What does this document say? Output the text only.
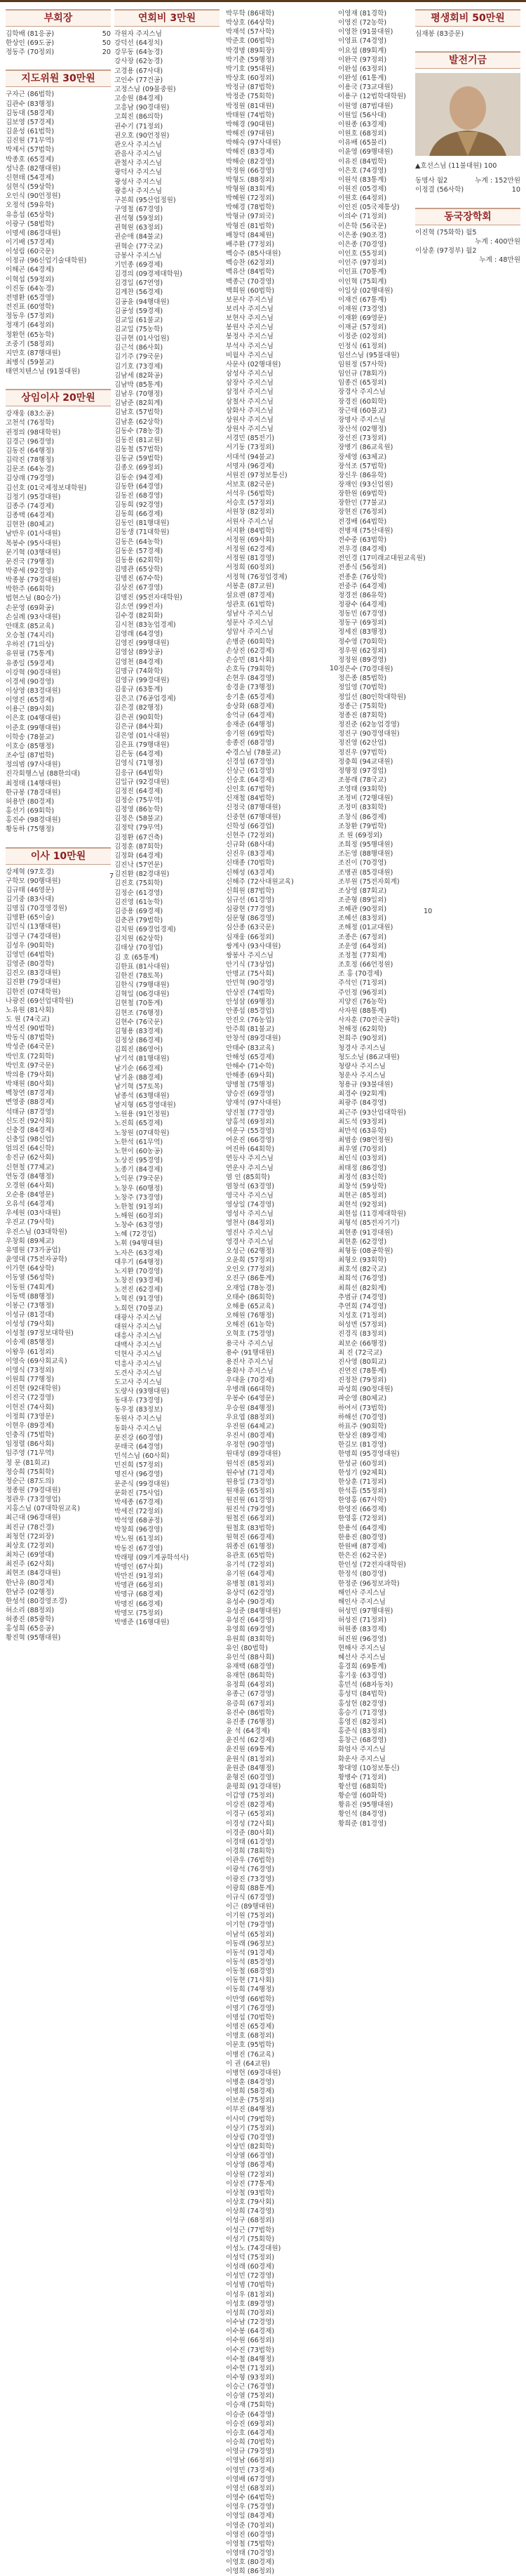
부회장
김학배 (81응공)	50
한상인 (69도공)	50
정동주 (70정외)	20
지도위원 30만원
구자근 (86법학)
김관수 (83행정)
김동대 (58경제)
김보영 (57경제)
김윤성 (61법학)
김진원 (71무역)
박제서 (57법학)
박종호 (65경제)
성낙훈 (82행대원)
신현태 (54경제)
심현식 (59상학)
오인식 (90언정원)
오정석 (59유학)
유흥섭 (65상학)
이광구 (58법학)
이명세 (86경대원)
이기배 (57경제)
이성림 (60국문)
이정규 (96신업기술대학원)
이해곤 (64경제)
이혁섭 (59정외)
이진동 (64농경)
전명환 (65경영)
전진표 (60영학)
정동우 (57정외)
정재기 (64정외)
정환헌 (65농학)
조중기 (58정외)
지만호 (87행대원)
최병식 (59불교)
태연치텐스님 (91불대원)
상임이사 20만원
강재웅 (83소공)
고천석 (76정학)
권정의 (98대학원)
김경근 (96경영)
김동진 (64행정)
김락진 (78행정)
김문조 (64농경)
김상래 (79경영)
김선호 (01국제정보대학원)
김정기 (95경대원)
김종주 (74경제)
김종택 (64경제)
김현찬 (80체교)
남반우 (01사대원)
목봉수 (95사대원)
문기혁 (03행대원)
문진국 (79행정)
박중세 (92경영)
박종봉 (79경대원)
박한주 (66회학)
법현스님 (80승가)
손문영 (69화공)
손실례 (93사대원)
안태호 (85교육)
오승철 (74지리)
우하진 (71의상)
유원필 (75통계)
유종일 (59경제)
이강혁 (90경대원)
이경세 (90경영)
이상영 (83경대원)
이영진 (65경제)
이용근 (89사회)
이은호 (04행대원)
이준호 (99행대원)
이학송 (78불교)
이호승 (85행정)
조수일 (87법학)
정의범 (97사대원)
진각회행스님 (88한의대)
최정태 (14행대원)
한규봉 (78경대원)
허용만 (80경제)
홍선기 (69회학)
홍진수 (98경대원)
황동하 (75행정)
이사 10만원
강제혁 (97호경)
구학모 (90행대원)
김규태 (46영문)
김기중 (83사대)
김명집 (70경영경원)
김명환 (65이술)
김민식 (13행대원)
김영구 (74경대원)
김성우 (90회학)
김영민 (64법학)
김영준 (80경학)
김진오 (83경대원)
김진환 (79경대원)
김한진 (07대학원)
나광진 (69선업대학원)
노유원 (81사회)
도 원 (74국교)
박석진 (90법학)
박동식 (87법학)
박성준 (64국문)
박인호 (72회학)
박인호 (97국문)
박의용 (79사회)
박채원 (80사회)
백창연 (87경제)
변영중 (88경제)
석태규 (87경영)
신도진 (92사회)
신충경 (84경제)
신충일 (98신업)
엄의진 (64신학)
송진규 (62사회)
신현철 (77체교)
연동경 (84행정)
오경원 (64사회)
오순용 (84영문)
오유석 (64경제)
우세원 (03사대원)
우진교 (79사학)
우진스님 (03대학원)
우창회 (89체교)
유명원 (73가공업)
윤영대 (75전자공학)
이가현 (64상학)
이동열 (56성학)
이동원 (74회계)
이동택 (88행정)
이봉근 (73행정)
이성규 (81경대)
이성성 (79사회)
이성철 (97정보대학원)
이송제 (85행정)
이왕우 (61정외)
이영숙 (69사회교육)
이영식 (73정외)
이원희 (77행정)
이진현 (92대학원)
이진국 (72경영)
이헌진 (74사회)
이정희 (73영문)
이현우 (89경제)
인충직 (75법학)
임정렬 (86사회)
임주영 (71무역)
정 문 (81회교)
정승희 (75회학)
정순근 (87도의)
정종원 (79경대원)
정관우 (73경영업)
지홍스님 (07대학원교육)
최근대 (96경대원)
최진규 (78건경)
최청헌 (72외장)
최상호 (72정외)
최차근 (69영대)
최진주 (62사회)
최현조 (84경대원)
한난유 (80경제)
한남주 (02행정)
한성석 (80경영조경)
허소리 (88정외)
허종진 (85광학)
홍성희 (65응공)
황진혁 (95행대원)
연회비 3만원
각원자 주지스님
강덕선 (64정치)
강무동 (64농경)
강사장 (62농경)
고경용 (67사대)
고인수 (77건공)
고정스님 (09물중원)
고송원 (84경제)
고흥남 (90경대원)
고희진 (86의학)
권수기 (71정외)
권오호 (90언정원)
관오사 주지스님
관음사 주지스님
관철사 주지스님
광덕사 주지스님
광성사 주지스님
광흥사 주지스님
구본희 (95산업정원)
구영철 (67경영)
권석형 (59정외)
권혁원 (63정외)
권순애 (84불교)
권혁순 (77국교)
금봉사 주지스님
기민종 (69경제)
김경의 (09경제대학원)
김경일 (67연영)
김계찬 (56경제)
김공윤 (94행대원)
김공성 (59경제)
김교일 (61불교)
김교일 (75농학)
김규현 (01사업원)
김근석 (86사회)
김기주 (79국문)
김기호 (73경제)
김남세 (82화공)
김남박 (85통계)
김남우 (70행정)
김남준 (82회계)
김남호 (57법학)
김남훈 (62상학)
김동수 (78농경)
김동진 (81교원)
김동철 (57법학)
김동균 (59법학)
김종오 (69정외)
김동순 (94경제)
김동한 (64경영)
김동진 (68경영)
김동희 (92경영)
김동희 (66경제)
김동인 (81행대원)
김동생 (71대학원)
김동은 (64농학)
김동운 (57경제)
김동용 (62회학)
김명관 (65상학)
김명진 (67수학)
김상진 (67경영)
김명진 (95전자대학원)
김소연 (99전자)
김수경 (82회화)
김시천 (83농업경제)
김영래 (64경영)
김영진 (99행대원)
김영삼 (89상공)
김영천 (84경제)
김명규 (74화학)
김영규 (99경대원)
김웅규 (63통계)
김은고 (76공업경제)
김은경 (82행정)
김은권 (90회학)
김은규 (84사회)
김은영 (01사대원)
김은표 (79행대원)
김은동 (64경제)
김영식 (71행정)
김응규 (64법학)
김일규 (92경대원)
김정진 (64경제)
김정순 (75무역)
김정영 (86농학)
김정은 (58불교)
김정탁 (79무역)
김정환 (67건축)
김정훈 (87회학)
김정화 (64경제)
김진낙 (57연문)
김진환 (82경대원)
김진호 (75회학)
김정순 (61경영)
김진영 (61농학)
김증용 (69경제)
김춘관 (79법학)
김치원 (69경업경제)
김치원 (62상학)
김태상 (70정업)
김 호 (65통계)
김한표 (81사대원)
김한진 (78토목)
김한식 (79행대원)
김혁일 (06경대원)
김현철 (70통계)
김현조 (76행정)
김현수 (76국문)
김형용 (83경제)
김정상 (86경제)
김희진 (86영어)
남기석 (81행대원)
남기순 (66경제)
남기윤 (88경제)
남기혁 (57토목)
남종석 (63행대원)
남지형 (65경영대원)
노원용 (91언정원)
노진희 (65경제)
노창원 (07대학원)
노한석 (61무역)
노현이 (60농공)
노상진 (95경영)
노종기 (84경제)
노익문 (79국문)
노창우 (60행정)
노창주 (73경영)
노한철 (91정외)
노해원 (60정외)
노창수 (63경영)
노혜 (72경업)
노휘 (94행대원)
노자은 (63경제)
대우기 (64행정)
노지환 (70경영)
노창진 (93경제)
노전진 (62경제)
노혁진 (91경영)
노희헌 (70불교)
대광사 주지스님
대원사 주지스님
대흥사 주지스님
대백사 주지스님
덕현사 주지스님
덕흥사 주지스님
도견사 주지스님
도고사 주지스님
도량사 (93행대원)
동대우 (73경영)
동우정 (83정보)
동원사 주지스님
동화사 주지스님
문진강 (60경영)
문태국 (64경영)
민석스님 (60사회)
민진희 (57정외)
명진사 (96경영)
문준식 (99경대원)
문화진 (75사업)
박세종 (67경제)
박세진 (72정외)
박석영 (68공정)
박창희 (96경영)
박노원 (61정외)
박동진 (67경영)
박래평 (09기계공학석사)
박명인 (67사회)
박만진 (91정외)
박명관 (66정외)
박명규 (68경제)
박명진 (66경제)
박명모 (75정외)
박병준 (16행대원)
박무학 (86대학)
박상호 (64상학)
박재석 (57사학)
박준호 (06법학)
박경명 (89회장)
박기춘 (59행정)
박기호 (95대원)
박상호 (60정외)
박정규 (87법학)
박정준 (75회학)
박정원 (81대원)
박태원 (74법학)
박해경 (90대원)
박해진 (97대원)
박해숙 (97사대원)
박해진 (83경제)
박해순 (82경영)
박정원 (66경영)
박형도 (88정외)
박형원 (83회계)
박혜원 (72정외)
박혜경 (78법학)
박형규 (97외국)
박형진 (81법학)
배창덕 (84체원)
배주환 (77정외)
백승주 (85사대원)
백승찬 (62정외)
백유산 (84법학)
백종근 (70경영)
백희원 (60법학)
보문사 주지스님
보리사 주지스님
보현사 주지스님
봉원사 주지스님
봉정사 주지스님
부석사 주지스님
비월사 주지스님
사문사 (02행대원)
삼성사 주지스님
삼장사 주지스님
삼정사 주지스님
삼철사 주지스님
삼화사 주지스님
상원사 주지스님
상원사 주지스님
서경민 (85전기)
서기동 (73정외)
서대석 (94불교)
서명자 (96경제)
서원진 (97정보통신)
서보호 (82국문)
서석우 (56법학)
서승호 (57정외)
서원창 (82정외)
서원사 주지스님
서지환 (84법학)
서정원 (69사회)
서정원 (62경제)
서정원 (81경영)
서정희 (60정외)
서정혁 (76정업경제)
서봉훈 (87교원)
설요렌 (87경제)
성관호 (61법학)
성남사 주지스님
성문사 주지스님
성암사 주지스님
손병준 (60회학)
손상진 (62경제)
손승민 (81사회)
손호득 (79회학)
손현우 (84경영)
송경윤 (73행정)
송기훈 (65경제)
송상화 (68경제)
송억규 (64경제)
송재준 (64행정)
송기원 (69법학)
송종진 (68경영)
수경스님 (78불교)
신경섭 (67경영)
신상근 (61경영)
신승호 (64경제)
신인호 (67법학)
신재철 (84법학)
신정국 (87행대원)
신중현 (67행대원)
신학성 (66경업)
신현주 (72정외)
신규화 (68사대)
신진우 (83경제)
신태종 (70법학)
신해성 (63경제)
신해주 (72사대원교육)
신희원 (87법학)
심규선 (61경영)
심광현 (77경영)
심문형 (86경영)
심산종 (63국문)
심재웅 (66정외)
쌍계사 (93사대원)
쌍봉사 주지스님
안기식 (73상업)
안명교 (75사회)
안민혁 (90경영)
안상진 (74법학)
안성삼 (69행정)
안종섭 (85경업)
안진오 (76농업)
안주희 (81불교)
안창석 (89경대원)
안태수 (83교육)
안해성 (65경제)
안해수 (71수학)
안해종 (69사회)
양병철 (75행정)
양승진 (69경영)
양재석 (97사대원)
양진철 (77경영)
양홍석 (69정외)
여운구 (55경영)
여운진 (66경영)
여진하 (64회학)
연등사 주지스님
연운사 주지스님
염 인 (85회학)
염창석 (63경영)
영국사 주지스님
영상일 (74경영)
영성사 주지스님
영천사 (84정외)
영진사 주지스님
영경사 주지스님
오성근 (62행정)
오윤희 (57정외)
오인오 (77정외)
오진구 (86통계)
오재업 (78농경)
오태수 (86회학)
오해용 (65교육)
오해원 (76행정)
오해진 (61농학)
오혁호 (75경영)
용국사 주지스님
용수 (91행대원)
용진사 주지스님
용화사 주지스님
우대윤 (70경제)
우병래 (66대학)
우봉수 (64영문)
우승원 (84행정)
우요엽 (88정외)
우진원 (64체교)
우진서 (80경제)
우정헌 (90경영)
원대성 (89경대원)
원석진 (85정외)
원수남 (71경제)
원용일 (73경영)
원재윤 (65정외)
원진원 (61경영)
원진석 (79경영)
원철진 (66정외)
원철호 (83법학)
원혁진 (66경제)
위종진 (61행정)
유관호 (65법학)
유기석 (72정외)
유기원 (64경제)
유병철 (81정외)
유상덕 (62경영)
유성수 (90경제)
유성준 (84행대원)
유성진 (64경영)
유영희 (69경영)
유원희 (83회학)
유인 (80법학)
유인석 (88사회)
유재택 (68경영)
유재헌 (86회학)
유정희 (64정외)
유종근 (67경영)
유증희 (67정외)
유진수 (86법학)
유진종 (76행정)
윤 석 (64경제)
윤진석 (62경제)
윤진원 (69통계)
윤원식 (81정외)
윤원준 (84행정)
윤형진 (60경영)
윤평희 (91경대원)
이갑영 (75정외)
이강진 (82경제)
이경구 (65정외)
이경성 (72사회)
이경준 (80사회)
이경태 (61경영)
이경희 (78회학)
이관우 (76법학)
이광석 (76경영)
이광진 (73경영)
이광희 (88통계)
이규식 (67경영)
이근 (89행대원)
이기원 (75정외)
이기헌 (79경영)
이남석 (65정외)
이동래 (96정보)
이동석 (91경제)
이동석 (85경영)
이동철 (68경영)
이동현 (71사회)
이동희 (74행정)
이만영 (66법학)
이명기 (76경영)
이명섭 (70법학)
이명진 (65경제)
이명호 (68정외)
이문호 (95법학)
이병진 (76교육)
이 권 (64교원)
이병헌 (69경대원)
이병훈 (84경영)
이병희 (58경제)
이보운 (75정외)
이부진 (84행정)
이사미 (79법학)
이상기 (75정외)
이상림 (70경영)
이상민 (82회학)
이상열 (66경영)
이상영 (86경제)
이상원 (72정외)
이상진 (77통계)
이상철 (93법학)
이상호 (79사회)
이상희 (74경영)
이성구 (68정외)
이성근 (77법학)
이성기 (75회학)
이성노 (74경대원)
이성덕 (75정외)
이성래 (60경제)
이성민 (72경영)
이성범 (70법학)
이성우 (81정외)
이성호 (89경영)
이성희 (70정외)
이수남 (72경영)
이수봉 (64경제)
이수원 (66정외)
이수진 (73법학)
이수철 (84행정)
이수현 (71정외)
이수형 (93정외)
이승근 (76경영)
이승열 (75정외)
이승재 (75회학)
이승준 (64경영)
이승진 (69정외)
이승호 (64경제)
이승희 (70법학)
이영규 (79경영)
이영남 (66정외)
이영민 (73경제)
이영배 (67경영)
이영선 (68정외)
이영수 (64법학)
이영우 (75경영)
이영일 (84경제)
이영준 (70정외)
이영진 (60경영)
이영철 (75법학)
이영태 (70경영)
이영호 (80경제)
이영희 (86정외)
이영재 (81경학)
이영진 (72농학)
이영찬 (91물대원)
이영표 (74경영)
이요섭 (89회계)
이완국 (97정외)
이완섭 (63정외)
이완성 (61통계)
이용국 (73교대원)
이용구 (12법학대학원)
이원영 (87법대원)
이원일 (56사대)
이원종 (63경제)
이원호 (68정외)
이유배 (65물리)
이윤영 (69행대원)
이유진 (84법학)
이은호 (74경영)
이원석 (83통계)
이원진 (05경제)
이원호 (64정외)
이인진 (05국제통상)
이의수 (71정외)
이은학 (56국문)
이은종 (90조경)
이은종 (70경영)
이인호 (55정외)
이인주 (97정외)
이인표 (70통계)
이인혁 (75회계)
이일상 (02행대원)
이재건 (67통계)
이재원 (73경영)
이재환 (69영문)
이재균 (57정외)
이정준 (02정외)
인정식 (61정외)
임선스님 (95불대원)
임원정 (57사학)
임인규 (78회가)
임종건 (65정외)
장경사 주지스님
장경진 (60회학)
장근태 (60불교)
장명사 주지스님
장산석 (02행정)
장선진 (73정외)
장병기 (86교육원)
장세영 (63체교)
장석조 (57법학)
장신우 (86유학)
장재인 (93신업원)
장한원 (69법학)
장한인 (77불교)
장현진 (76정외)
전경배 (64법학)
전병재 (75산대원)
전수중 (63법학)
전우경 (84경제)
전인경 (17미래교대원교육원)
전종식 (56정외)
전종훈 (76상학)
전중주 (64경제)
정경전 (86유학)
정광수 (64경제)
정동민 (67경영)
정동구 (69정외)
정세진 (83행정)
정수영 (70회학)
정우원 (62정외)
정정원 (89경영)
정은수 (70경대원)
정은종 (85법학)
정일영 (70법학)
정일선 (80인학대학원)
정종근 (75회학)
정종진 (87회학)
정진준 (62농업경영)
정진구 (90경영대원)
정진영 (62산업)
정진우 (97법학)
정충희 (94교대원)
정행정 (97경업)
조봉래 (78국교)
조영태 (93회학)
조정비 (72행대원)
조정미 (83회학)
조창식 (86경제)
조창환 (79법학)
조 원 (69정외)
조희정 (95행대원)
조돈영 (88행대원)
조진이 (70경영)
조병권 (85경대원)
조부원 (75전자회계)
조상영 (87회교)
조준형 (89일외)
조혜관 (90정외)
조혜선 (83정외)
조해정 (01교대원)
조종은 (67정외)
조운영 (64정외)
조정철 (77회계)
조호정 (66언정원)
조 홍 (70경제)
주석인 (71정외)
주인정 (96정외)
지양진 (76농학)
사자원 (88통계)
사자훈 (70전국공학)
천해정 (62회학)
천희주 (90정외)
청경사 주지스님
청도소님 (86교대원)
청량사 주지스님
청운사 주지스님
청용규 (93불대원)
최경수 (92회계)
최광주 (84경영)
최근주 (93산업대학원)
최도석 (93정외)
최만석 (63유학)
최범송 (98언정원)
최우열 (70정외)
최인식 (03정외)
최태정 (86경영)
최정석 (83신학)
최창석 (59상학)
최현곤 (85정외)
최현석 (92정외)
최현섭 (11경제대학원)
최형석 (85전자기기)
최현종 (91경대원)
최현훈 (62경영)
최형동 (08공학원)
최형오 (93회학)
최호석 (82국교)
최희석 (76경영)
최희선 (82회계)
추범규 (74경영)
추연희 (74경영)
치성호 (71정외)
허성면 (57정외)
진경직 (83정외)
최보순 (66행정)
최 진 (72국교)
진사영 (80회교)
진연진 (78통계)
진정찬 (79정외)
파성희 (90정대원)
파순영 (80체교)
하여서 (73법학)
하해선 (70경영)
하표주 (90회학)
한상진 (89경제)
한길모 (81경영)
한명희 (95경영대원)
한성균 (60정외)
한성기 (92체회)
한상훈 (71정외)
한석흠 (55정외)
한영홍 (67사학)
한영진 (66경제)
한영홍 (72정외)
한용석 (64경제)
한용진 (80경영)
한원배 (87경제)
한은진 (62국문)
한인성 (72전자대학원)
한정석 (80경영)
한정준 (96정보과학)
해인사 주지스님
해인사 주지스님
허성민 (97행대원)
허성진 (71정외)
허원종 (83경제)
허진원 (96경영)
현해사 주지스님
혜선사 주지스님
홍경희 (69통계)
홍기웅 (63경영)
홍민석 (68자동차)
홍성덕 (84법학)
홍성헌 (82경영)
홍승기 (71경영)
홍영진 (82정외)
홍준식 (83정외)
홍창근 (68경영)
화엄사 주지스님
화운사 주지스님
황대영 (10정보통신)
황병수 (71정외)
황선렬 (68회학)
황순영 (60화학)
황유진 (95행대원)
황인석 (84경영)
황희준 (81경영)
평생회비 50만원
심재봉 (83증문)
발전기금
▲호선스님 (11불대원) 100
동명사 월2	누계 : 152만원
이정결 (56사학)	10
동국장학회
이진혁 (75화학) 월5
누계 : 400만원
이상훈 (97정부) 월2
누계 : 48만원
7
10
10
